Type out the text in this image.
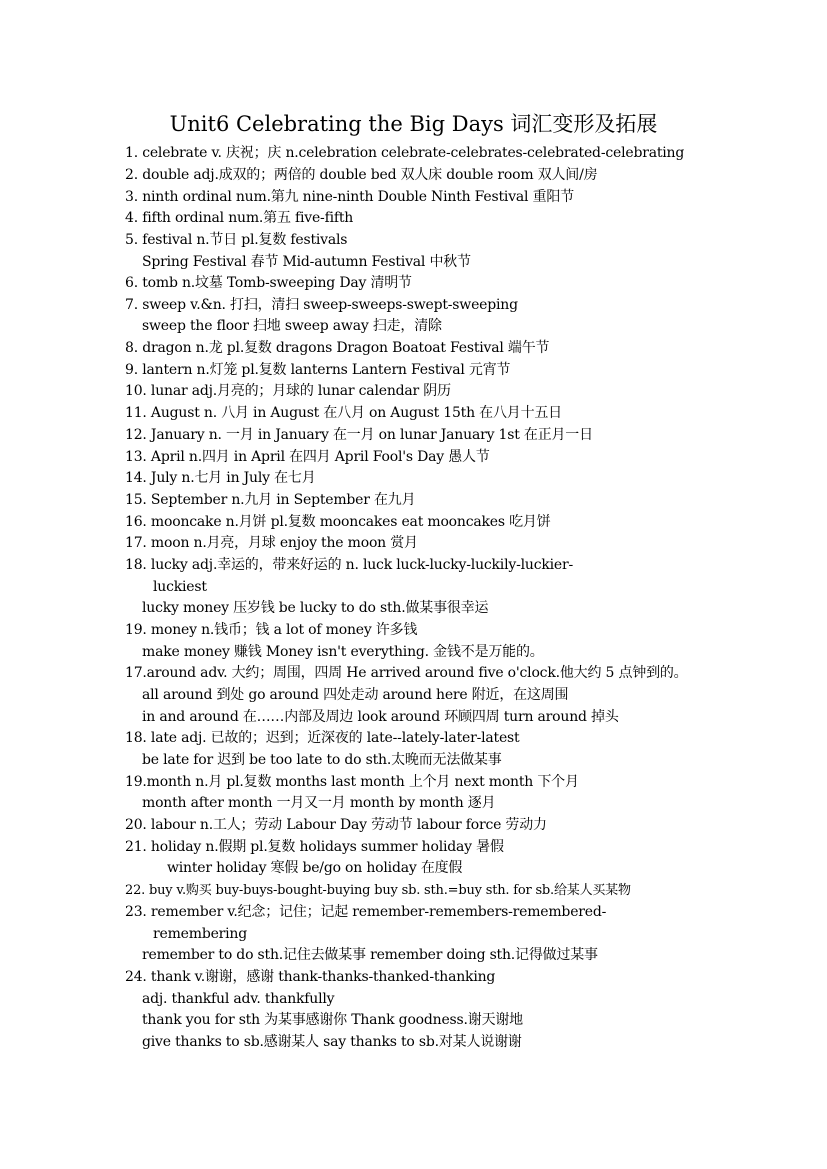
Unit6 Celebrating the Big Days 词汇变形及拓展
1. celebrate v. 庆祝；庆 n.celebration celebrate-celebrates-celebrated-celebrating
2. double adj.成双的；两倍的 double bed 双人床 double room 双人间/房
3. ninth ordinal num.第九 nine-ninth Double Ninth Festival 重阳节
4. fifth ordinal num.第五 five-fifth
5. festival n.节日 pl.复数 festivals
Spring Festival 春节 Mid-autumn Festival 中秋节
6. tomb n.坟墓 Tomb-sweeping Day 清明节
7. sweep v.&n. 打扫，清扫 sweep-sweeps-swept-sweeping
sweep the floor 扫地 sweep away 扫走，清除
8. dragon n.龙 pl.复数 dragons Dragon Boatoat Festival 端午节
9. lantern n.灯笼 pl.复数 lanterns Lantern Festival 元宵节
10. lunar adj.月亮的；月球的 lunar calendar 阴历
11. August n. 八月 in August 在八月 on August 15th 在八月十五日
12. January n. 一月 in January 在一月 on lunar January 1st 在正月一日
13. April n.四月 in April 在四月 April Fool's Day 愚人节
14. July n.七月 in July 在七月
15. September n.九月 in September 在九月
16. mooncake n.月饼 pl.复数 mooncakes eat mooncakes 吃月饼
17. moon n.月亮，月球 enjoy the moon 赏月
18. lucky adj.幸运的，带来好运的 n. luck luck-lucky-luckily-luckier-
luckiest
lucky money 压岁钱 be lucky to do sth.做某事很幸运
19. money n.钱币；钱 a lot of money 许多钱
make money 赚钱 Money isn't everything. 金钱不是万能的。
17.around adv. 大约；周围，四周 He arrived around five o'clock.他大约 5 点钟到的。
all around 到处 go around 四处走动 around here 附近，在这周围
in and around 在……内部及周边 look around 环顾四周 turn around 掉头
18. late adj. 已故的；迟到；近深夜的 late--lately-later-latest
be late for 迟到 be too late to do sth.太晚而无法做某事
19.month n.月 pl.复数 months last month 上个月 next month 下个月
month after month 一月又一月 month by month 逐月
20. labour n.工人；劳动 Labour Day 劳动节 labour force 劳动力
21. holiday n.假期 pl.复数 holidays summer holiday 暑假
winter holiday 寒假 be/go on holiday 在度假
22. buy v.购买 buy-buys-bought-buying buy sb. sth.=buy sth. for sb.给某人买某物
23. remember v.纪念；记住；记起 remember-remembers-remembered-
remembering
remember to do sth.记住去做某事 remember doing sth.记得做过某事
24. thank v.谢谢，感谢 thank-thanks-thanked-thanking
adj. thankful adv. thankfully
thank you for sth 为某事感谢你 Thank goodness.谢天谢地
give thanks to sb.感谢某人 say thanks to sb.对某人说谢谢
